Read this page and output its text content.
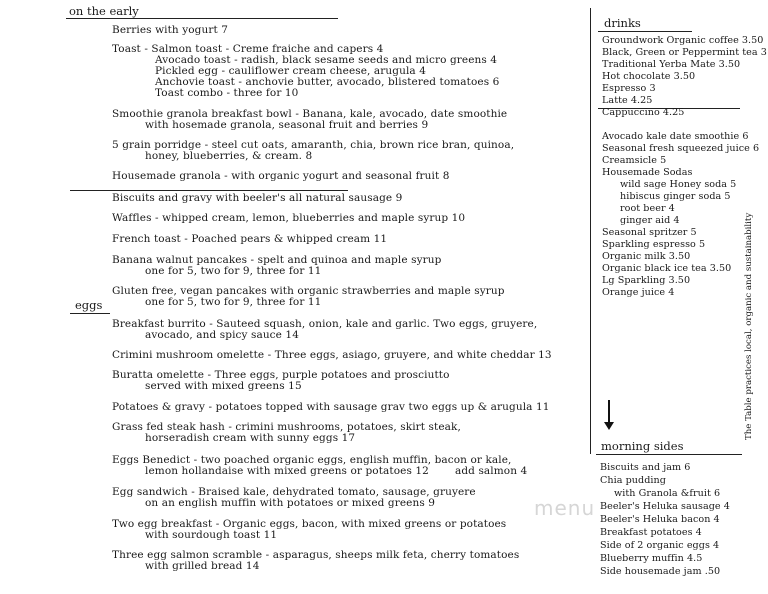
on the early
eggs
drinks
morning sides
Berries with yogurt 7
Toast - Salmon toast - Creme fraiche and capers 4
Avocado toast - radish, black sesame seeds and micro greens 4
Pickled egg - cauliflower cream cheese, arugula 4
Anchovie toast - anchovie butter, avocado, blistered tomatoes 6
Toast combo - three for 10
Smoothie granola breakfast bowl - Banana, kale, avocado, date smoothie
with hosemade granola, seasonal fruit and berries 9
5 grain porridge - steel cut oats, amaranth, chia, brown rice bran, quinoa,
honey, blueberries, & cream. 8
Housemade granola - with organic yogurt and seasonal fruit 8
Biscuits and gravy with beeler's all natural sausage 9
Waffles - whipped cream, lemon, blueberries and maple syrup 10
French toast - Poached pears & whipped cream 11
Banana walnut pancakes - spelt and quinoa and maple syrup
one for 5, two for 9, three for 11
Gluten free, vegan pancakes with organic strawberries and maple syrup
one for 5, two for 9, three for 11
Breakfast burrito - Sauteed squash, onion, kale and garlic. Two eggs, gruyere,
avocado, and spicy sauce 14
Crimini mushroom omelette - Three eggs, asiago, gruyere, and white cheddar 13
Buratta omelette - Three eggs, purple potatoes and prosciutto
served with mixed greens 15
Potatoes & gravy - potatoes topped with sausage grav two eggs up & arugula 11
Grass fed steak hash - crimini mushrooms, potatoes, skirt steak,
horseradish cream with sunny eggs 17
Eggs Benedict - two poached organic eggs, english muffin, bacon or kale,
lemon hollandaise with mixed greens or potatoes 12 add salmon 4
Egg sandwich - Braised kale, dehydrated tomato, sausage, gruyere
on an english muffin with potatoes or mixed greens 9
Two egg breakfast - Organic eggs, bacon, with mixed greens or potatoes
with sourdough toast 11
Three egg salmon scramble - asparagus, sheeps milk feta, cherry tomatoes
with grilled bread 14
Groundwork Organic coffee 3.50
Black, Green or Peppermint tea 3
Traditional Yerba Mate 3.50
Hot chocolate 3.50
Espresso 3
Latte 4.25
Cappuccino 4.25
Avocado kale date smoothie 6
Seasonal fresh squeezed juice 6
Creamsicle 5
Housemade Sodas
wild sage Honey soda 5
hibiscus ginger soda 5
root beer 4
ginger aid 4
Seasonal spritzer 5
Sparkling espresso 5
Organic milk 3.50
Organic black ice tea 3.50
Lg Sparkling 3.50
Orange juice 4
Biscuits and jam 6
Chia pudding
with Granola &fruit 6
Beeler's Heluka sausage 4
Beeler's Heluka bacon 4
Breakfast potatoes 4
Side of 2 organic eggs 4
Blueberry muffin 4.5
Side housemade jam .50
The Table practices local, organic and sustainability
menu
